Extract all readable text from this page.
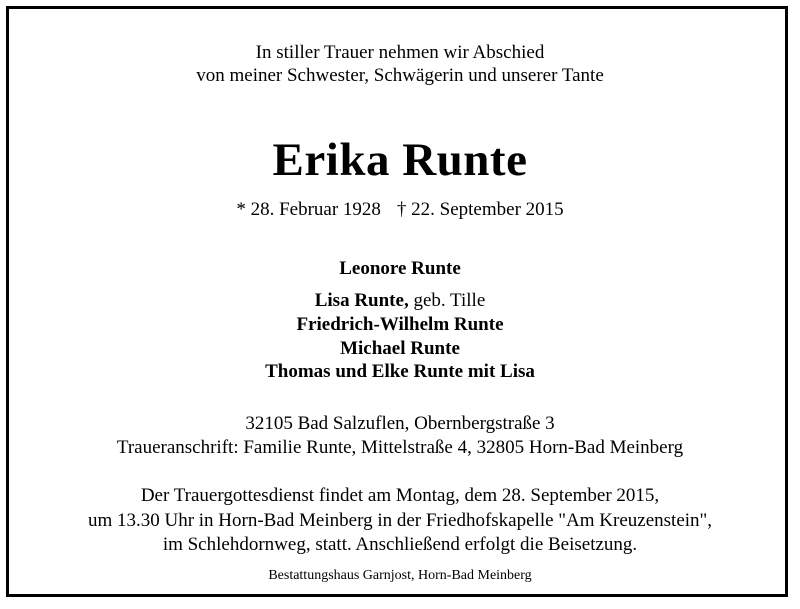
In stiller Trauer nehmen wir Abschied
von meiner Schwester, Schwägerin und unserer Tante
Erika Runte
* 28. Februar 1928 † 22. September 2015
Leonore Runte
Lisa Runte, geb. Tille
Friedrich-Wilhelm Runte
Michael Runte
Thomas und Elke Runte mit Lisa
32105 Bad Salzuflen, Obernbergstraße 3
Traueranschrift: Familie Runte, Mittelstraße 4, 32805 Horn-Bad Meinberg
Der Trauergottesdienst findet am Montag, dem 28. September 2015,
um 13.30 Uhr in Horn-Bad Meinberg in der Friedhofskapelle "Am Kreuzenstein",
im Schlehdornweg, statt. Anschließend erfolgt die Beisetzung.
Bestattungshaus Garnjost, Horn-Bad Meinberg
